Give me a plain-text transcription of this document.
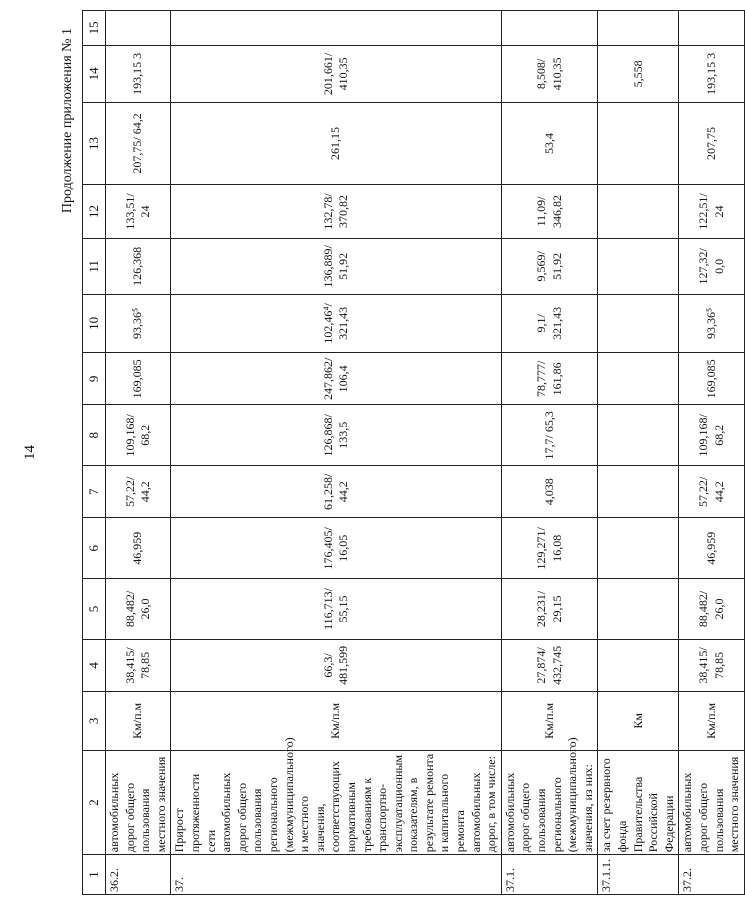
14
Продолжение приложения № 1
1	2	3	4	5	6	7	8	9	10	11	12	13	14	15
36.2.	автомобильных дорог общего пользования местного значения	Км/п.м	38,415/ 78,85	88,482/ 26,0	46,959	57,22/ 44,2	109,168/ 68,2	169,085	93,36⁵	126,368	133,51/ 24	207,75/ 64,2	193,15 3	
37.	Прирост протяженности сети автомобильных дорог общего пользования регионального (межмуниципального) и местного значения, соответствующих нормативным требованиям к транспортно-эксплуатационным показателям, в результате ремонта и капитального ремонта автомобильных дорог, в том числе:	Км/п.м	66,3/ 481,599	116,713/ 55,15	176,405/ 16,05	61,258/ 44,2	126,868/ 133,5	247,862/ 106,4	102,46⁴/ 321,43	136,889/ 51,92	132,78/ 370,82	261,15	201,661/ 410,35	
37.1.	автомобильных дорог общего пользования регионального (межмуниципального) значения, из них:	Км/п.м	27,874/ 432,745	28,231/ 29,15	129,271/ 16,08	4,038	17,7/ 65,3	78,777/ 161,86	9,1/ 321,43	9,569/ 51,92	11,09/ 346,82	53,4	8,508/ 410,35	
37.1.1.	за счет резервного фонда Правительства Российской Федерации	Км											5,558	
37.2.	автомобильных дорог общего пользования местного значения	Км/п.м	38,415/ 78,85	88,482/ 26,0	46,959	57,22/ 44,2	109,168/ 68,2	169,085	93,36⁵	127,32/ 0,0	122,51/ 24	207,75	193,15 3	
